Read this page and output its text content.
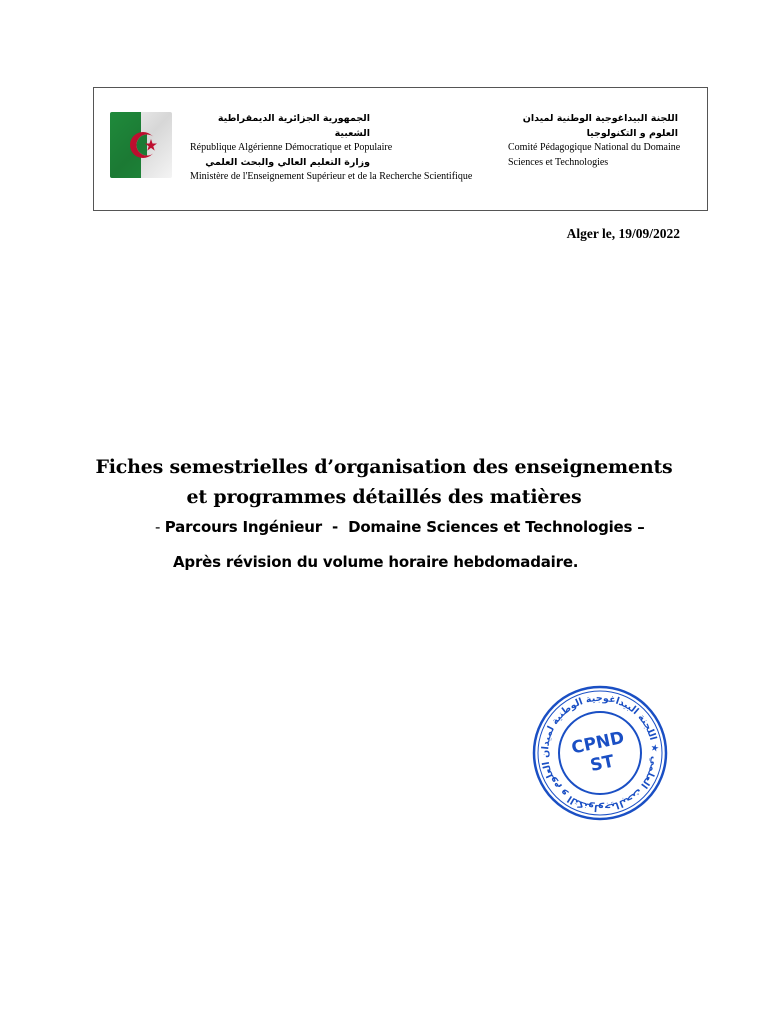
الجمهورية الجزائرية الديمقراطية الشعبية
République Algérienne Démocratique et Populaire
وزارة التعليم العالي والبحث العلمي
Ministère de l'Enseignement Supérieur et de la Recherche Scientifique
اللجنة البيداغوجية الوطنية لميدان
العلوم و التكنولوجيا
Comité Pédagogique National du Domaine
Sciences et Technologies
Alger le, 19/09/2022
Fiches semestrielles d’organisation des enseignements
et programmes détaillés des matières
- Parcours Ingénieur  -  Domaine Sciences et Technologies –
Après révision du volume horaire hebdomadaire.
والبحث العلمي ★ اللجنة البيداغوجية الوطنية لميدان العلوم و التكنولوجيا
CPND
ST
